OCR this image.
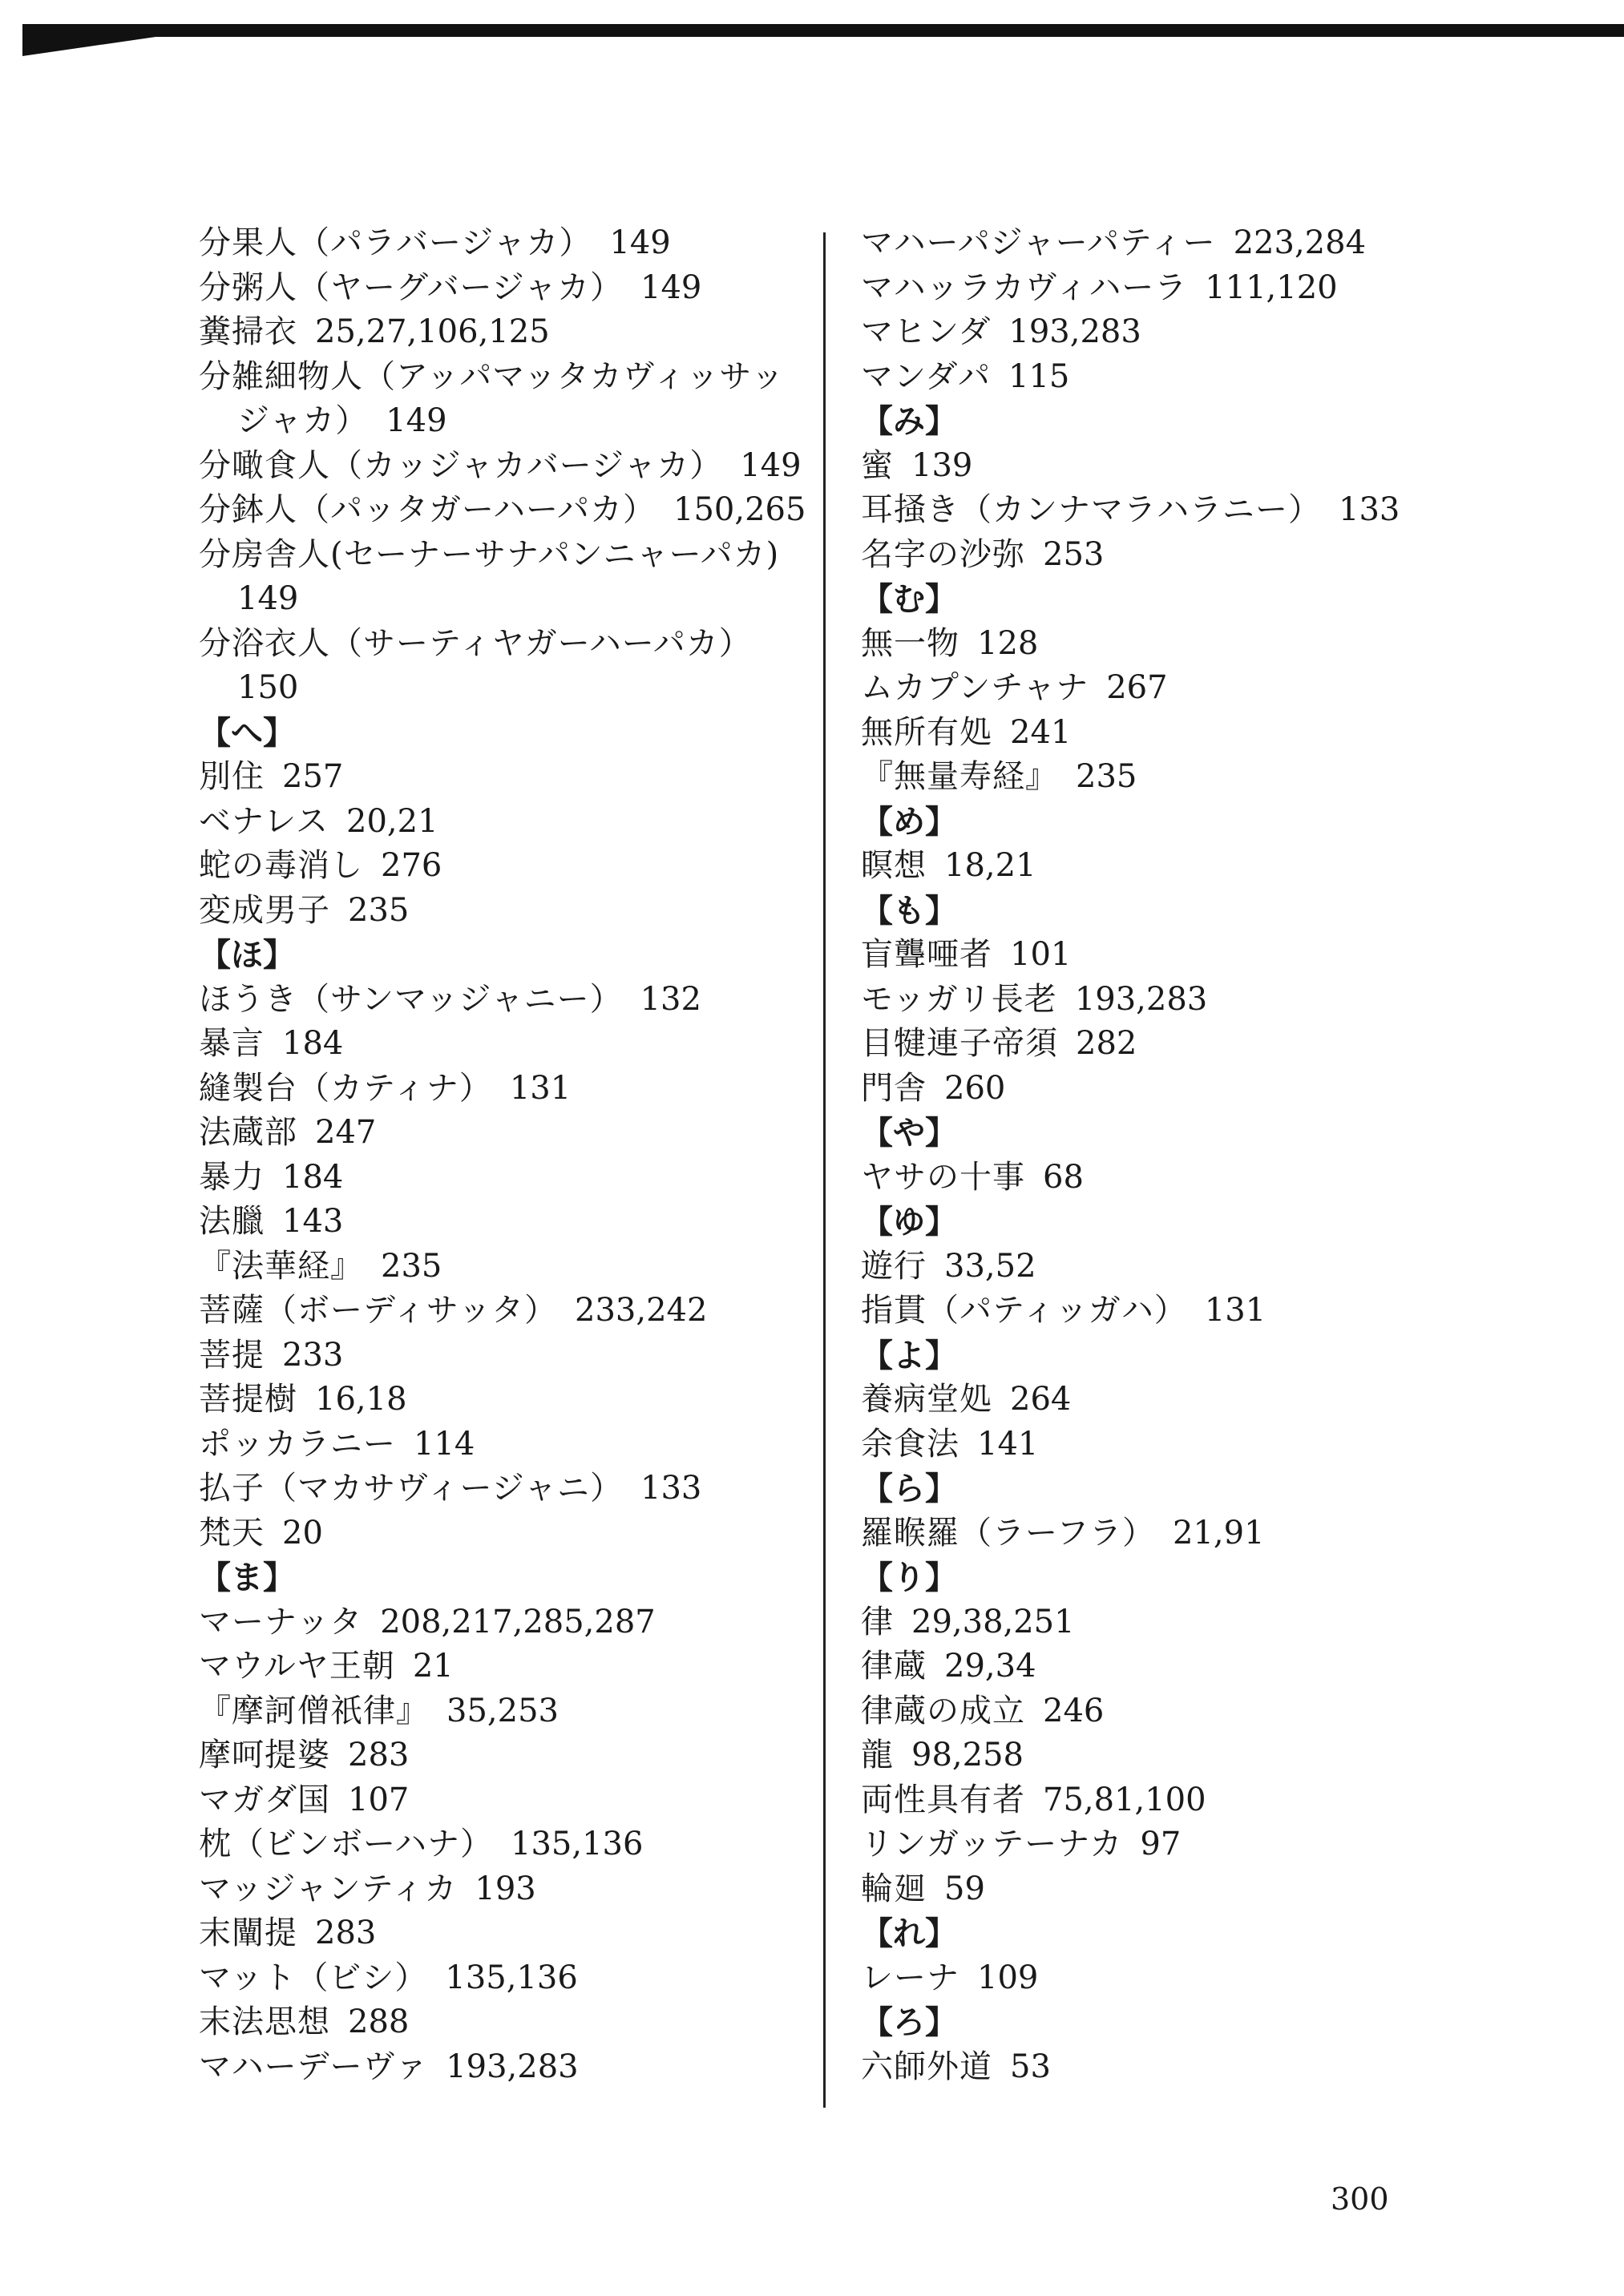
分果人（パラバージャカ） 149
分粥人（ヤーグバージャカ） 149
糞掃衣 25,27,106,125
分雑細物人（アッパマッタカヴィッサッ
ジャカ） 149
分噉食人（カッジャカバージャカ） 149
分鉢人（パッタガーハーパカ） 150,265
分房舎人(セーナーサナパンニャーパカ)
149
分浴衣人（サーティヤガーハーパカ）
150
【へ】
別住 257
ベナレス 20,21
蛇の毒消し 276
変成男子 235
【ほ】
ほうき（サンマッジャニー） 132
暴言 184
縫製台（カティナ） 131
法蔵部 247
暴力 184
法臘 143
『法華経』 235
菩薩（ボーディサッタ） 233,242
菩提 233
菩提樹 16,18
ポッカラニー 114
払子（マカサヴィージャニ） 133
梵天 20
【ま】
マーナッタ 208,217,285,287
マウルヤ王朝 21
『摩訶僧祇律』 35,253
摩呵提婆 283
マガダ国 107
枕（ビンボーハナ） 135,136
マッジャンティカ 193
末闡提 283
マット（ビシ） 135,136
末法思想 288
マハーデーヴァ 193,283
マハーパジャーパティー 223,284
マハッラカヴィハーラ 111,120
マヒンダ 193,283
マンダパ 115
【み】
蜜 139
耳掻き（カンナマラハラニー） 133
名字の沙弥 253
【む】
無一物 128
ムカプンチャナ 267
無所有処 241
『無量寿経』 235
【め】
瞑想 18,21
【も】
盲聾唖者 101
モッガリ長老 193,283
目犍連子帝須 282
門舎 260
【や】
ヤサの十事 68
【ゆ】
遊行 33,52
指貫（パティッガハ） 131
【よ】
養病堂処 264
余食法 141
【ら】
羅睺羅（ラーフラ） 21,91
【り】
律 29,38,251
律蔵 29,34
律蔵の成立 246
龍 98,258
両性具有者 75,81,100
リンガッテーナカ 97
輪廻 59
【れ】
レーナ 109
【ろ】
六師外道 53
300
